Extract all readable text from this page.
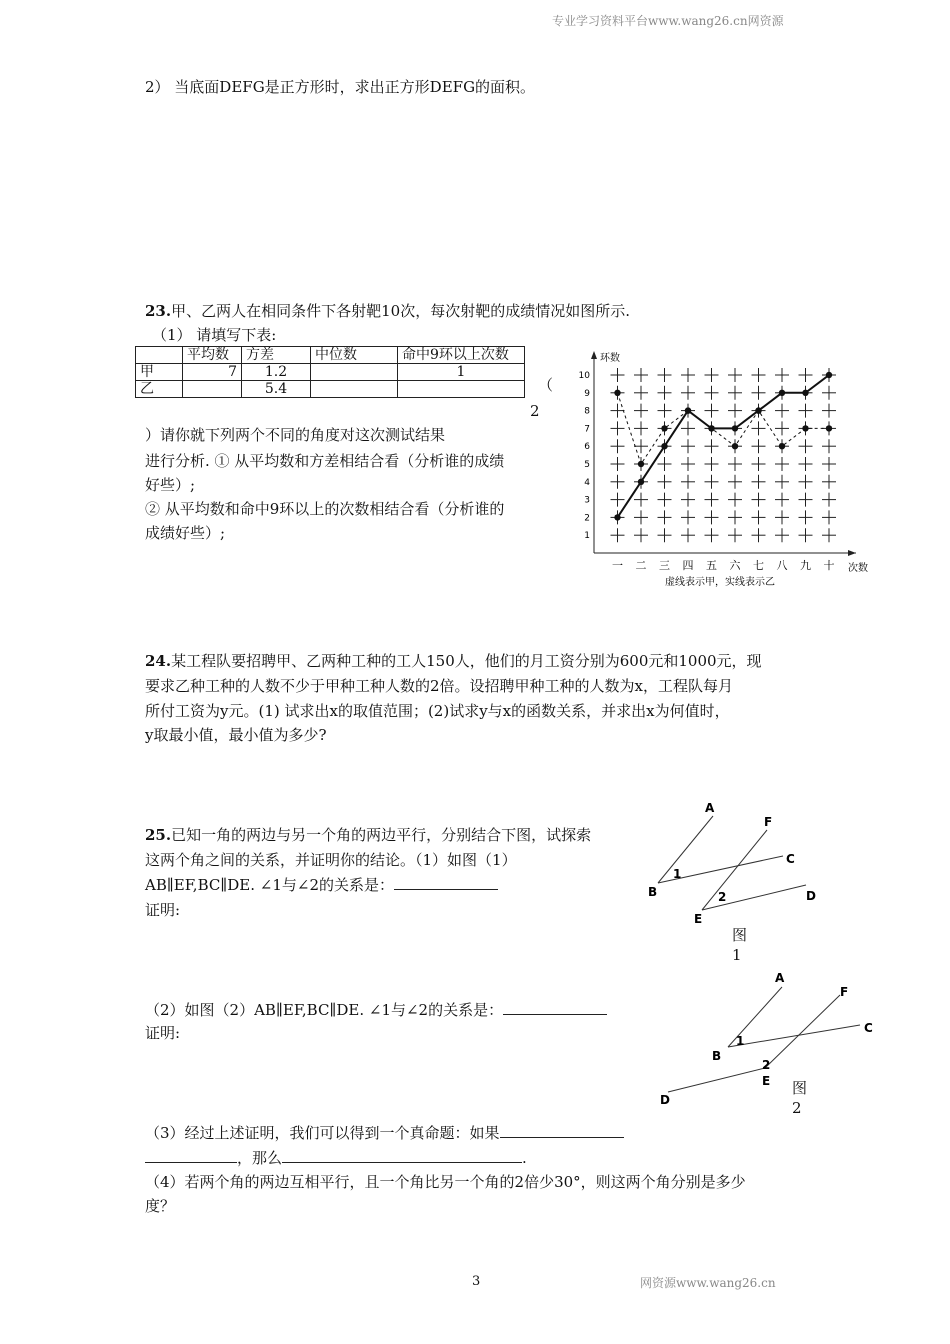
专业学习资料平台www.wang26.cn网资源
2） 当底面DEFG是正方形时，求出正方形DEFG的面积。
23.甲、乙两人在相同条件下各射靶10次，每次射靶的成绩情况如图所示.
（1） 请填写下表:
	平均数	方差	中位数	命中9环以上次数
甲	7	1.2		1
乙		5.4			（
2
）请你就下列两个不同的角度对这次测试结果
进行分析. ① 从平均数和方差相结合看（分析谁的成绩
好些）;
② 从平均数和命中9环以上的次数相结合看（分析谁的
成绩好些）;
环数
次数
1
2
3
4
5
6
7
8
9
10
一 二 三 四 五 六 七 八 九 十
虚线表示甲，实线表示乙
24.某工程队要招聘甲、乙两种工种的工人150人，他们的月工资分别为600元和1000元，现
要求乙种工种的人数不少于甲种工种人数的2倍。设招聘甲种工种的人数为x，工程队每月
所付工资为y元。(1) 试求出x的取值范围；(2)试求y与x的函数关系，并求出x为何值时，
y取最小值，最小值为多少?
25.已知一角的两边与另一个角的两边平行，分别结合下图，试探索
这两个角之间的关系，并证明你的结论。（1）如图（1）
AB∥EF,BC∥DE. ∠1与∠2的关系是：
证明:
A
F
C
B	D
E
1
2
图
1
（2）如图（2）AB∥EF,BC∥DE. ∠1与∠2的关系是：
证明:
A
F
C
B
E
D
1
2
图
2
（3）经过上述证明，我们可以得到一个真命题：如果
，那么	.
（4）若两个角的两边互相平行，且一个角比另一个角的2倍少30°，则这两个角分别是多少
度？
3	网资源www.wang26.cn
